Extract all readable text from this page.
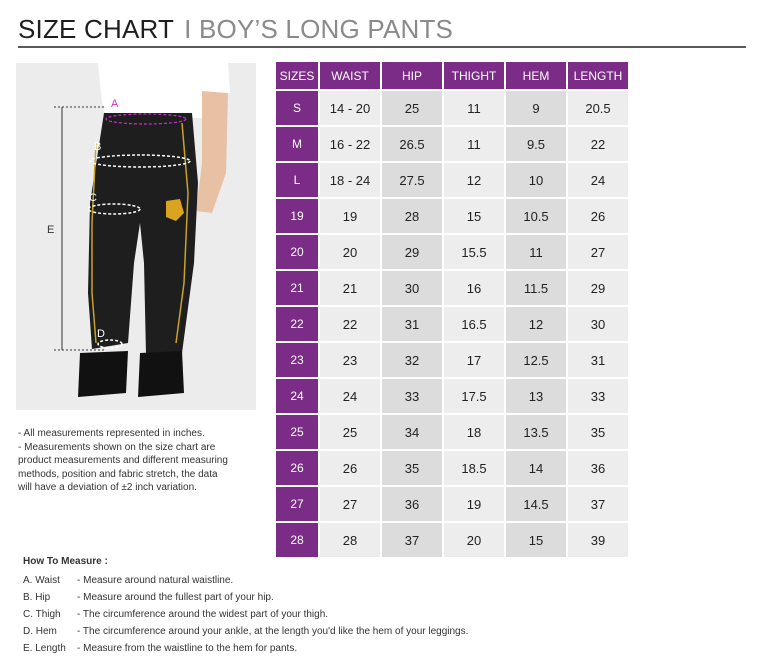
SIZE CHART I BOY’S LONG PANTS
A
B
C
D
E

- All measurements represented in inches.

- Measurements shown on the size chart are product measurements and different measuring methods, position and fabric stretch, the data will have a deviation of ±2 inch variation.

SIZES	WAIST	HIP	THIGHT	HEM	LENGTH
S	14 - 20	25	11	9	20.5
M	16 - 22	26.5	11	9.5	22
L	18 - 24	27.5	12	10	24
19	19	28	15	10.5	26
20	20	29	15.5	11	27
21	21	30	16	11.5	29
22	22	31	16.5	12	30
23	23	32	17	12.5	31
24	24	33	17.5	13	33
25	25	34	18	13.5	35
26	26	35	18.5	14	36
27	27	36	19	14.5	37
28	28	37	20	15	39
How To Measure :
A. Waist	- Measure around natural waistline.
B. Hip	- Measure around the fullest part of your hip.
C. Thigh	- The circumference around the widest part of your thigh.
D. Hem	- The circumference around your ankle, at the length you'd like the hem of your leggings.
E. Length	- Measure from the waistline to the hem for pants.
